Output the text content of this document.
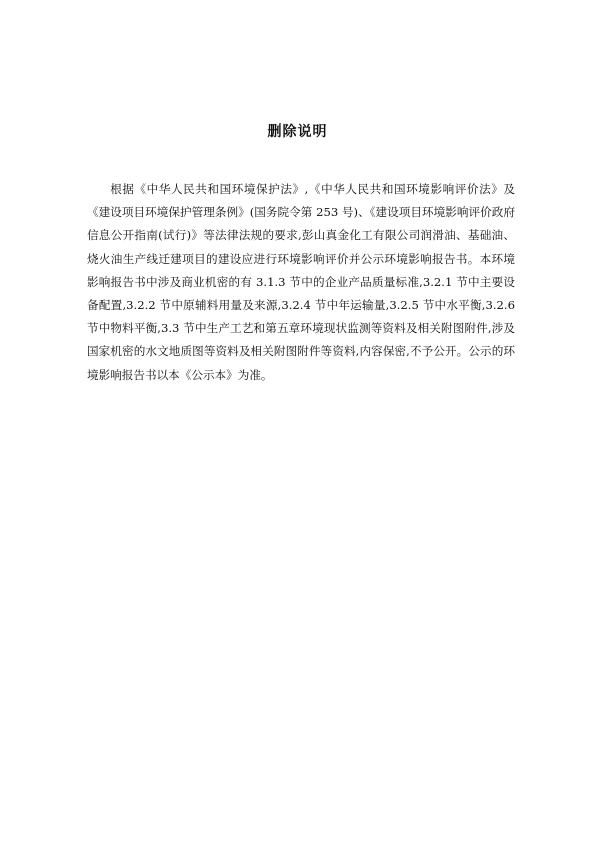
删除说明

根据《中华人民共和国环境保护法》,《中华人民共和国环境影响评价法》及《建设项目环境保护管理条例》(国务院令第 253 号)、《建设项目环境影响评价政府信息公开指南(试行)》等法律法规的要求,彭山真金化工有限公司润滑油、基础油、烧火油生产线迁建项目的建设应进行环境影响评价并公示环境影响报告书。本环境影响报告书中涉及商业机密的有 3.1.3 节中的企业产品质量标准,3.2.1 节中主要设备配置,3.2.2 节中原辅料用量及来源,3.2.4 节中年运输量,3.2.5 节中水平衡,3.2.6 节中物料平衡,3.3 节中生产工艺和第五章环境现状监测等资料及相关附图附件,涉及国家机密的水文地质图等资料及相关附图附件等资料,内容保密,不予公开。公示的环境影响报告书以本《公示本》为准。
